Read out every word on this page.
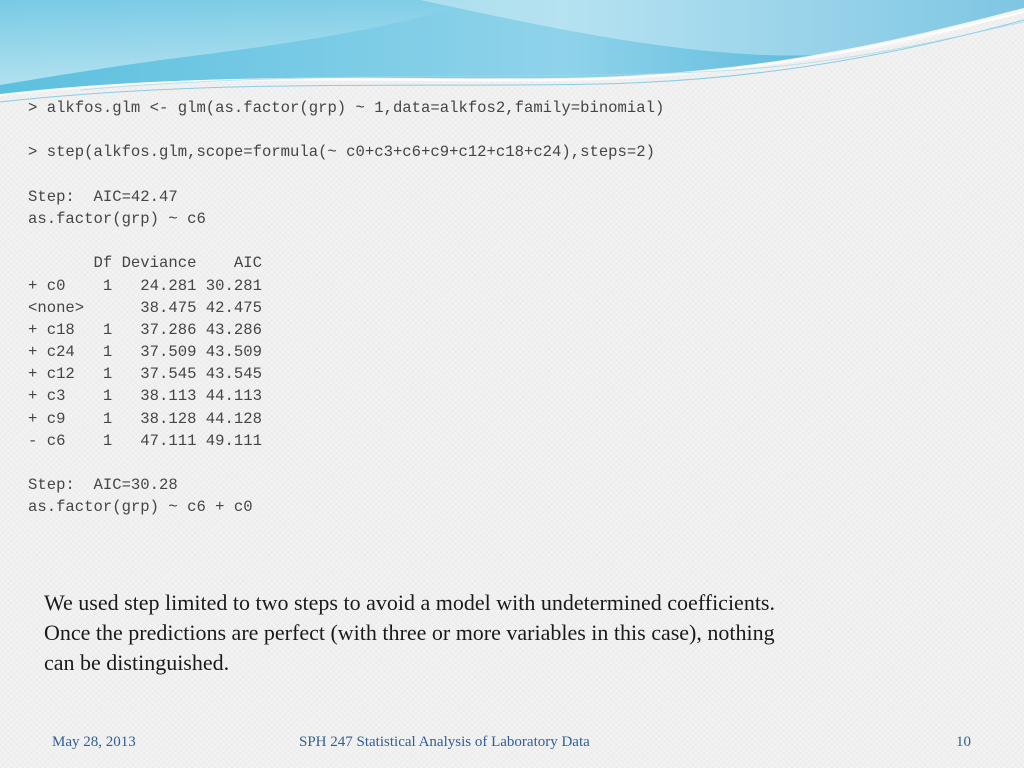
> alkfos.glm <- glm(as.factor(grp) ~ 1,data=alkfos2,family=binomial)
> step(alkfos.glm,scope=formula(~ c0+c3+c6+c9+c12+c18+c24),steps=2)
Step:  AIC=42.47
as.factor(grp) ~ c6
Df Deviance    AIC
+ c0    1   24.281 30.281
<none>      38.475 42.475
+ c18   1   37.286 43.286
+ c24   1   37.509 43.509
+ c12   1   37.545 43.545
+ c3    1   38.113 44.113
+ c9    1   38.128 44.128
- c6    1   47.111 49.111
Step:  AIC=30.28
as.factor(grp) ~ c6 + c0
We used step limited to two steps to avoid a model with undetermined coefficients.
Once the predictions are perfect (with three or more variables in this case), nothing
can be distinguished.
May 28, 2013	SPH 247 Statistical Analysis of Laboratory Data	10
